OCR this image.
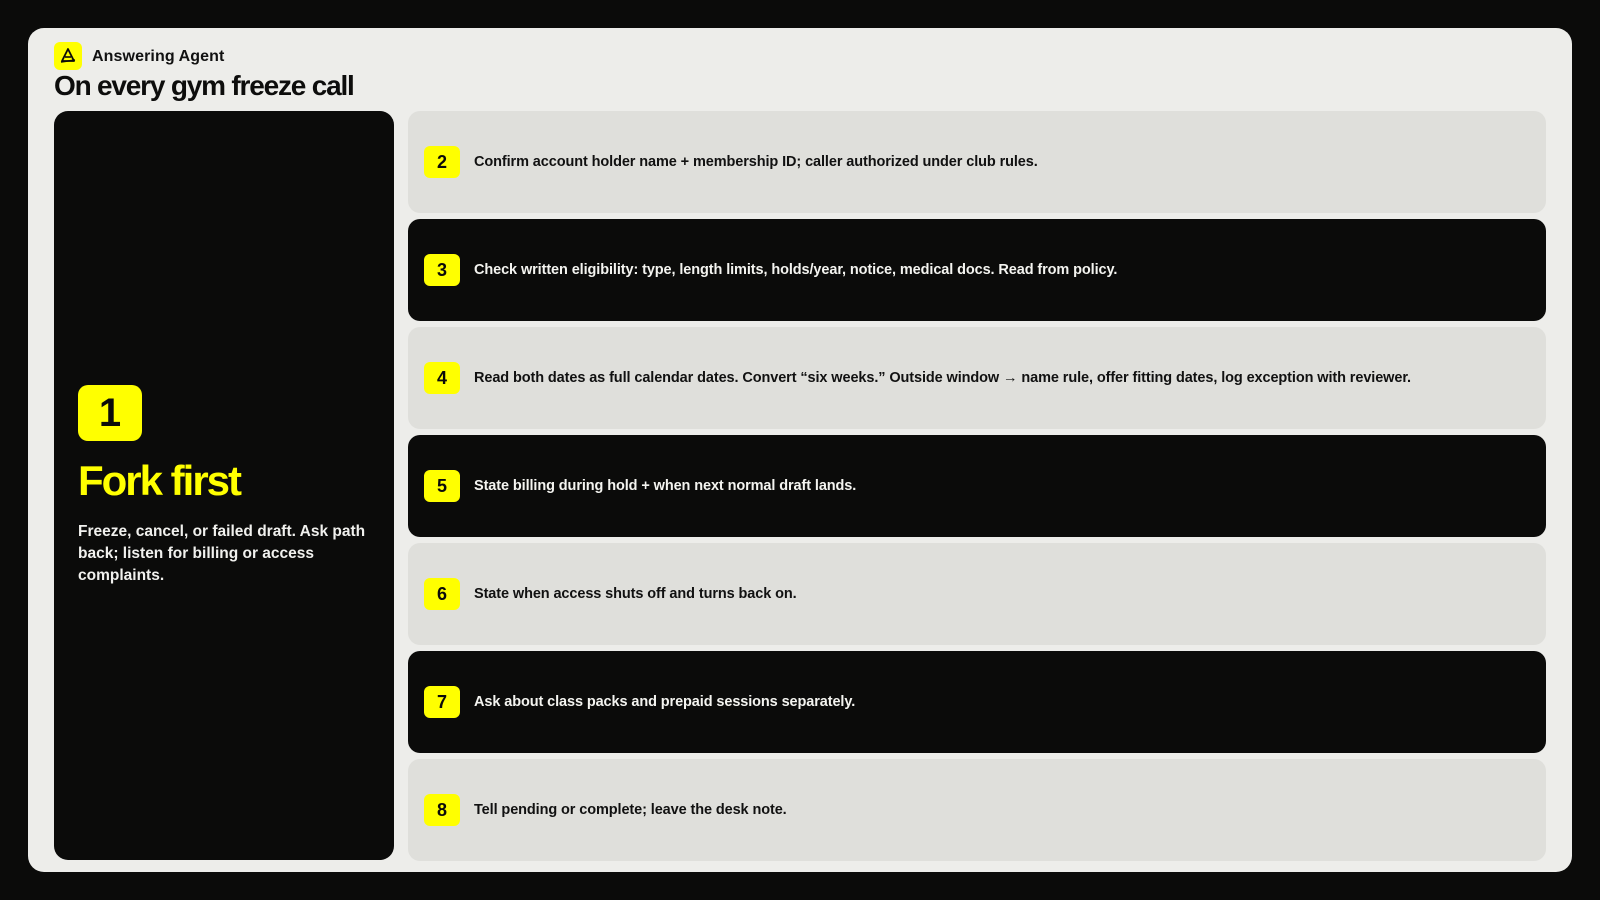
Answering Agent
On every gym freeze call
1
Fork first
Freeze, cancel, or failed draft. Ask path back; listen for billing or access complaints.
2	Confirm account holder name + membership ID; caller authorized under club rules.
3	Check written eligibility: type, length limits, holds/year, notice, medical docs. Read from policy.
4	Read both dates as full calendar dates. Convert “six weeks.” Outside window → name rule, offer fitting dates, log exception with reviewer.
5	State billing during hold + when next normal draft lands.
6	State when access shuts off and turns back on.
7	Ask about class packs and prepaid sessions separately.
8	Tell pending or complete; leave the desk note.
